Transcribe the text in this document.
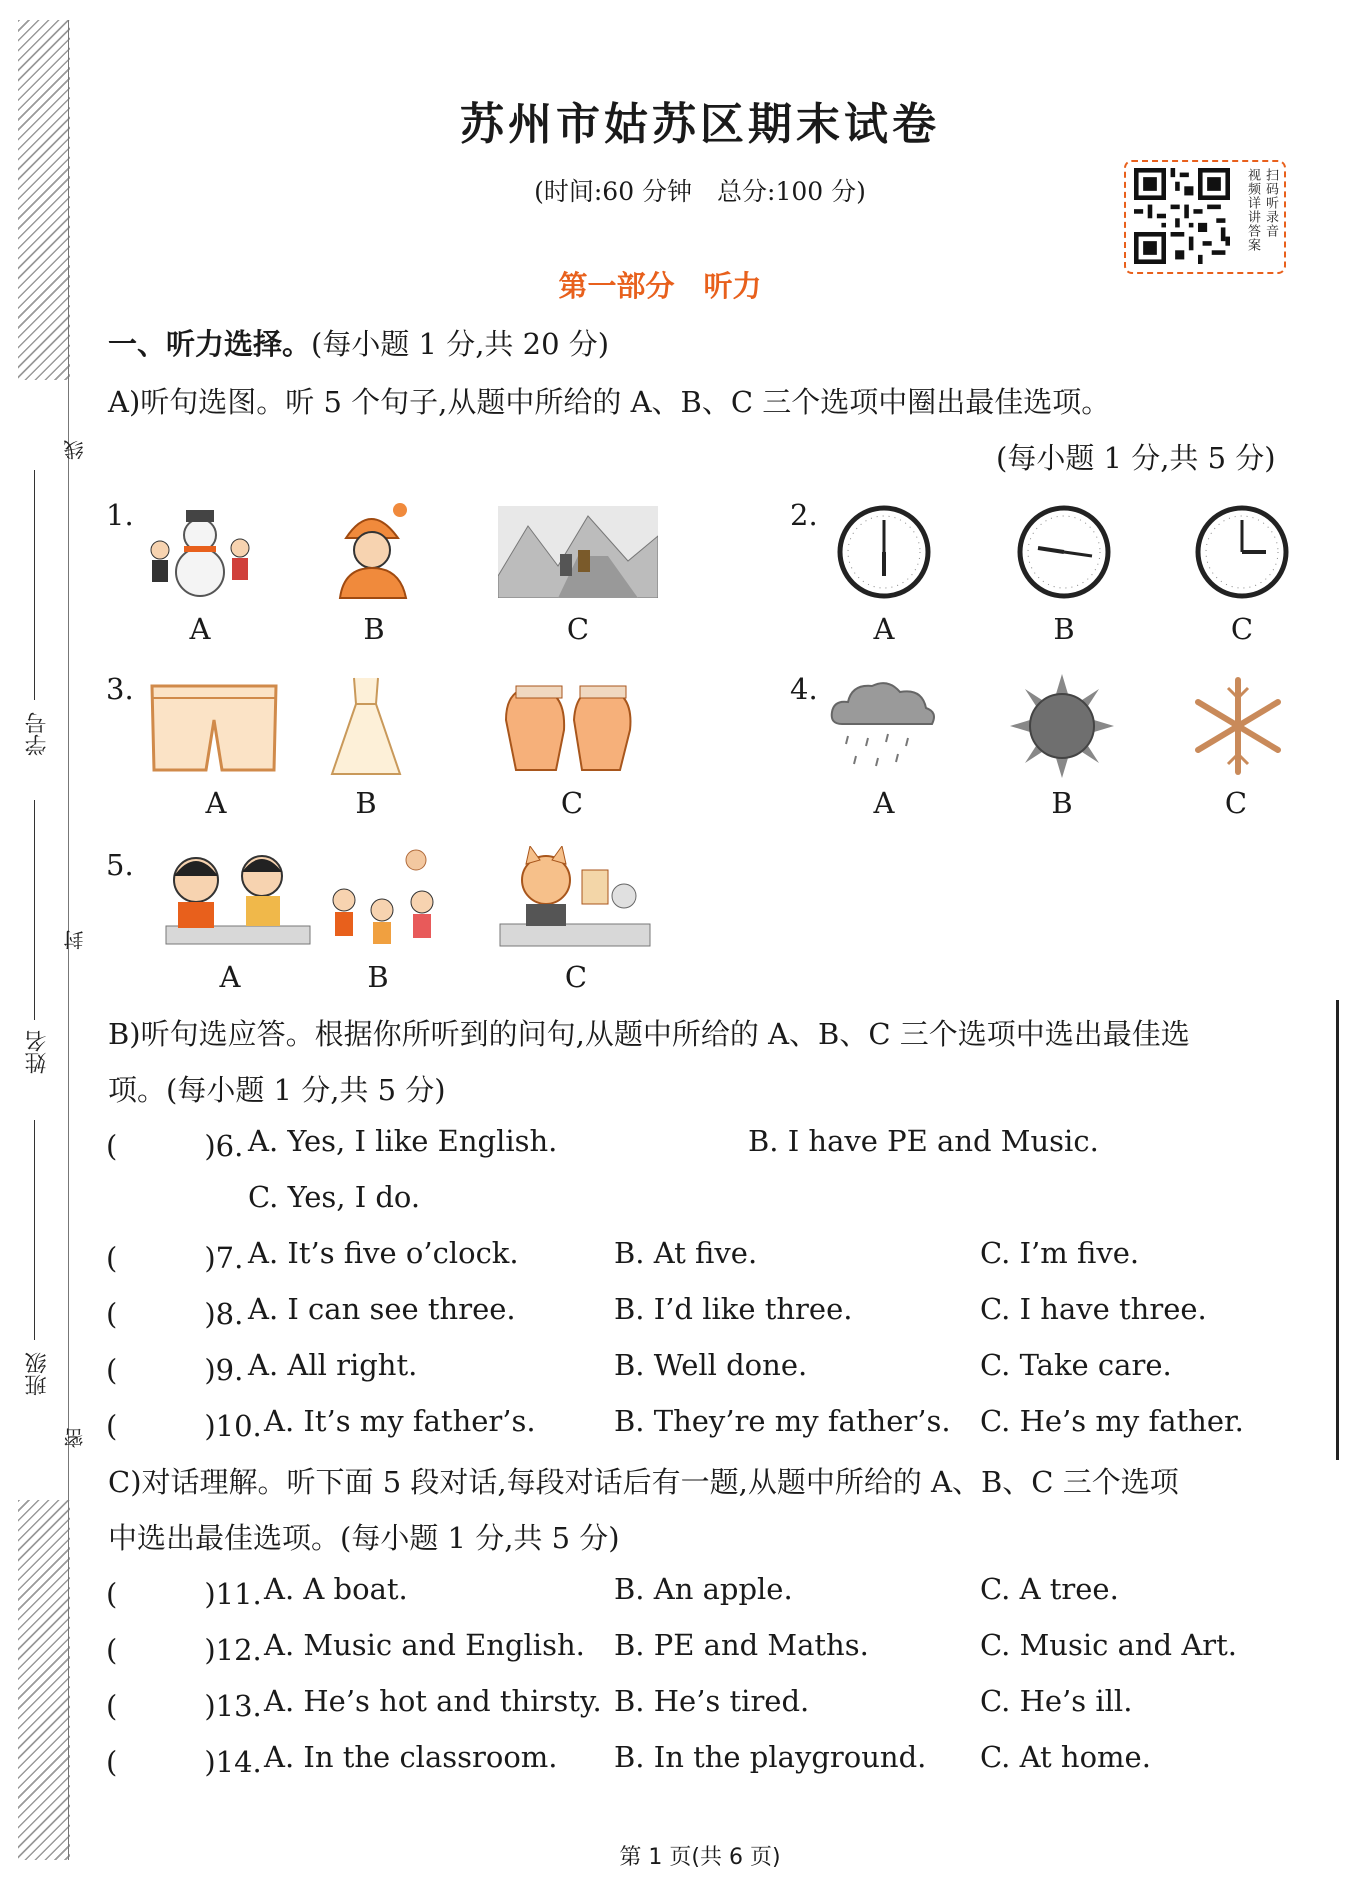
学号
姓名
班级
线
封
密
苏州市姑苏区期末试卷
(时间:60 分钟　总分:100 分)	扫码听录音
视频详讲答案
第一部分　听力
一、听力选择。(每小题 1 分,共 20 分)
A)听句选图。听 5 个句子,从题中所给的 A、B、C 三个选项中圈出最佳选项。
(每小题 1 分,共 5 分)
1.
A	B	C
2.
A	B	C
3.
A	B	C
4.
A	B	C
5.
A	B	C
B)听句选应答。根据你所听到的问句,从题中所给的 A、B、C 三个选项中选出最佳选
项。(每小题 1 分,共 5 分)
(　　　)6. A. Yes, I like English.	B. I have PE and Music.
C. Yes, I do.
(　　　)7. A. It’s five o’clock.	B. At five.	C. I’m five.
(　　　)8. A. I can see three.	B. I’d like three.	C. I have three.
(　　　)9. A. All right.	B. Well done.	C. Take care.
(　　　)10. A. It’s my father’s.	B. They’re my father’s. C. He’s my father.
C)对话理解。听下面 5 段对话,每段对话后有一题,从题中所给的 A、B、C 三个选项
中选出最佳选项。(每小题 1 分,共 5 分)
(　　　)11. A. A boat.	B. An apple.	C. A tree.
(　　　)12. A. Music and English. B. PE and Maths.	C. Music and Art.
(　　　)13. A. He’s hot and thirsty. B. He’s tired.	C. He’s ill.
(　　　)14. A. In the classroom. B. In the playground. C. At home.
第 1 页(共 6 页)
